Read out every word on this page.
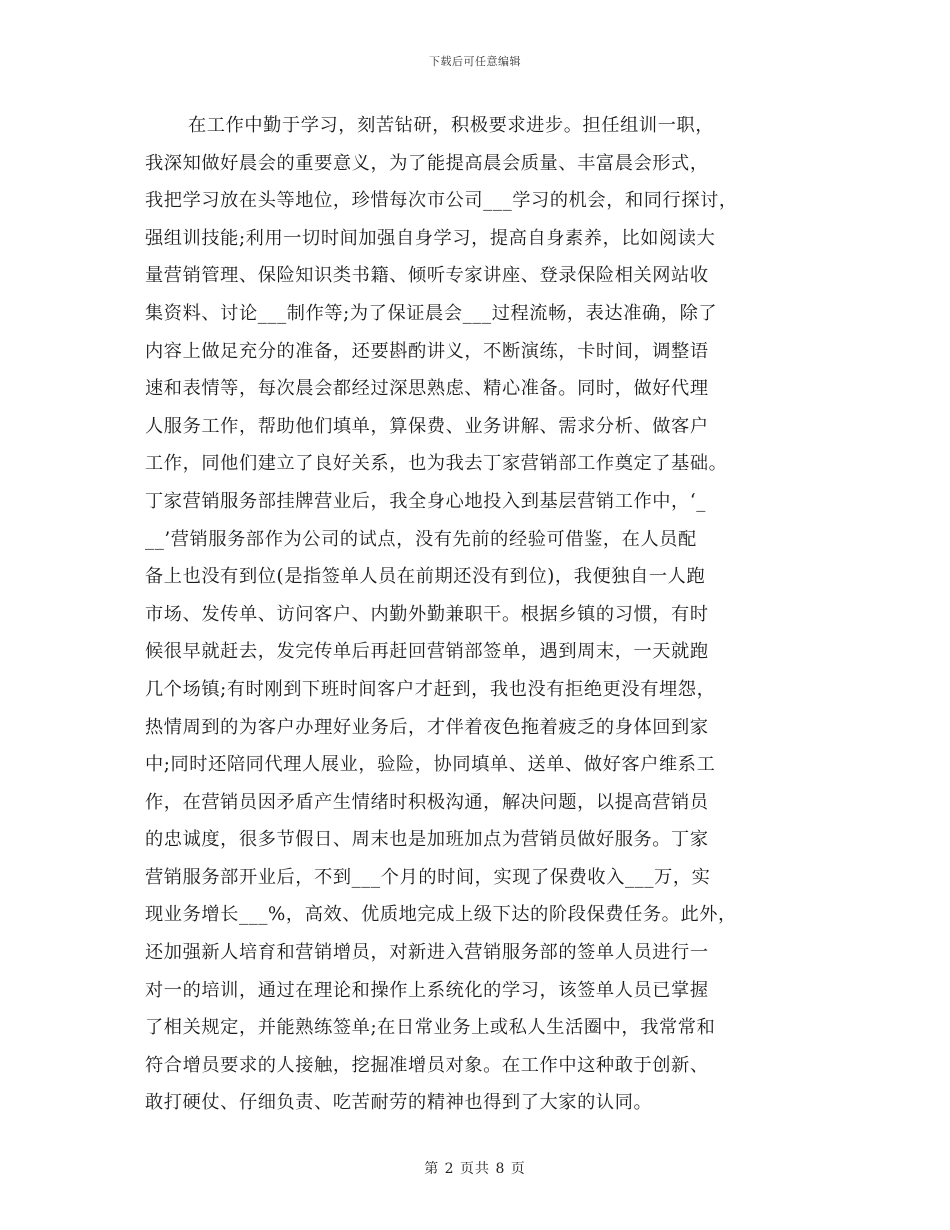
下载后可任意编辑
在工作中勤于学习，刻苦钻研，积极要求进步。担任组训一职，
我深知做好晨会的重要意义，为了能提高晨会质量、丰富晨会形式，
我把学习放在头等地位，珍惜每次市公司___学习的机会，和同行探讨，
强组训技能;利用一切时间加强自身学习，提高自身素养，比如阅读大
量营销管理、保险知识类书籍、倾听专家讲座、登录保险相关网站收
集资料、讨论___制作等;为了保证晨会___过程流畅，表达准确，除了
内容上做足充分的准备，还要斟酌讲义，不断演练，卡时间，调整语
速和表情等，每次晨会都经过深思熟虑、精心准备。同时，做好代理
人服务工作，帮助他们填单，算保费、业务讲解、需求分析、做客户
工作，同他们建立了良好关系，也为我去丁家营销部工作奠定了基础。
丁家营销服务部挂牌营业后，我全身心地投入到基层营销工作中，‘_
__’营销服务部作为公司的试点，没有先前的经验可借鉴，在人员配
备上也没有到位(是指签单人员在前期还没有到位)，我便独自一人跑
市场、发传单、访问客户、内勤外勤兼职干。根据乡镇的习惯，有时
候很早就赶去，发完传单后再赶回营销部签单，遇到周末，一天就跑
几个场镇;有时刚到下班时间客户才赶到，我也没有拒绝更没有埋怨，
热情周到的为客户办理好业务后，才伴着夜色拖着疲乏的身体回到家
中;同时还陪同代理人展业，验险，协同填单、送单、做好客户维系工
作，在营销员因矛盾产生情绪时积极沟通，解决问题，以提高营销员
的忠诚度，很多节假日、周末也是加班加点为营销员做好服务。丁家
营销服务部开业后，不到___个月的时间，实现了保费收入___万，实
现业务增长___%，高效、优质地完成上级下达的阶段保费任务。此外，
还加强新人培育和营销增员，对新进入营销服务部的签单人员进行一
对一的培训，通过在理论和操作上系统化的学习，该签单人员已掌握
了相关规定，并能熟练签单;在日常业务上或私人生活圈中，我常常和
符合增员要求的人接触，挖掘准增员对象。在工作中这种敢于创新、
敢打硬仗、仔细负责、吃苦耐劳的精神也得到了大家的认同。
第 2 页共 8 页
